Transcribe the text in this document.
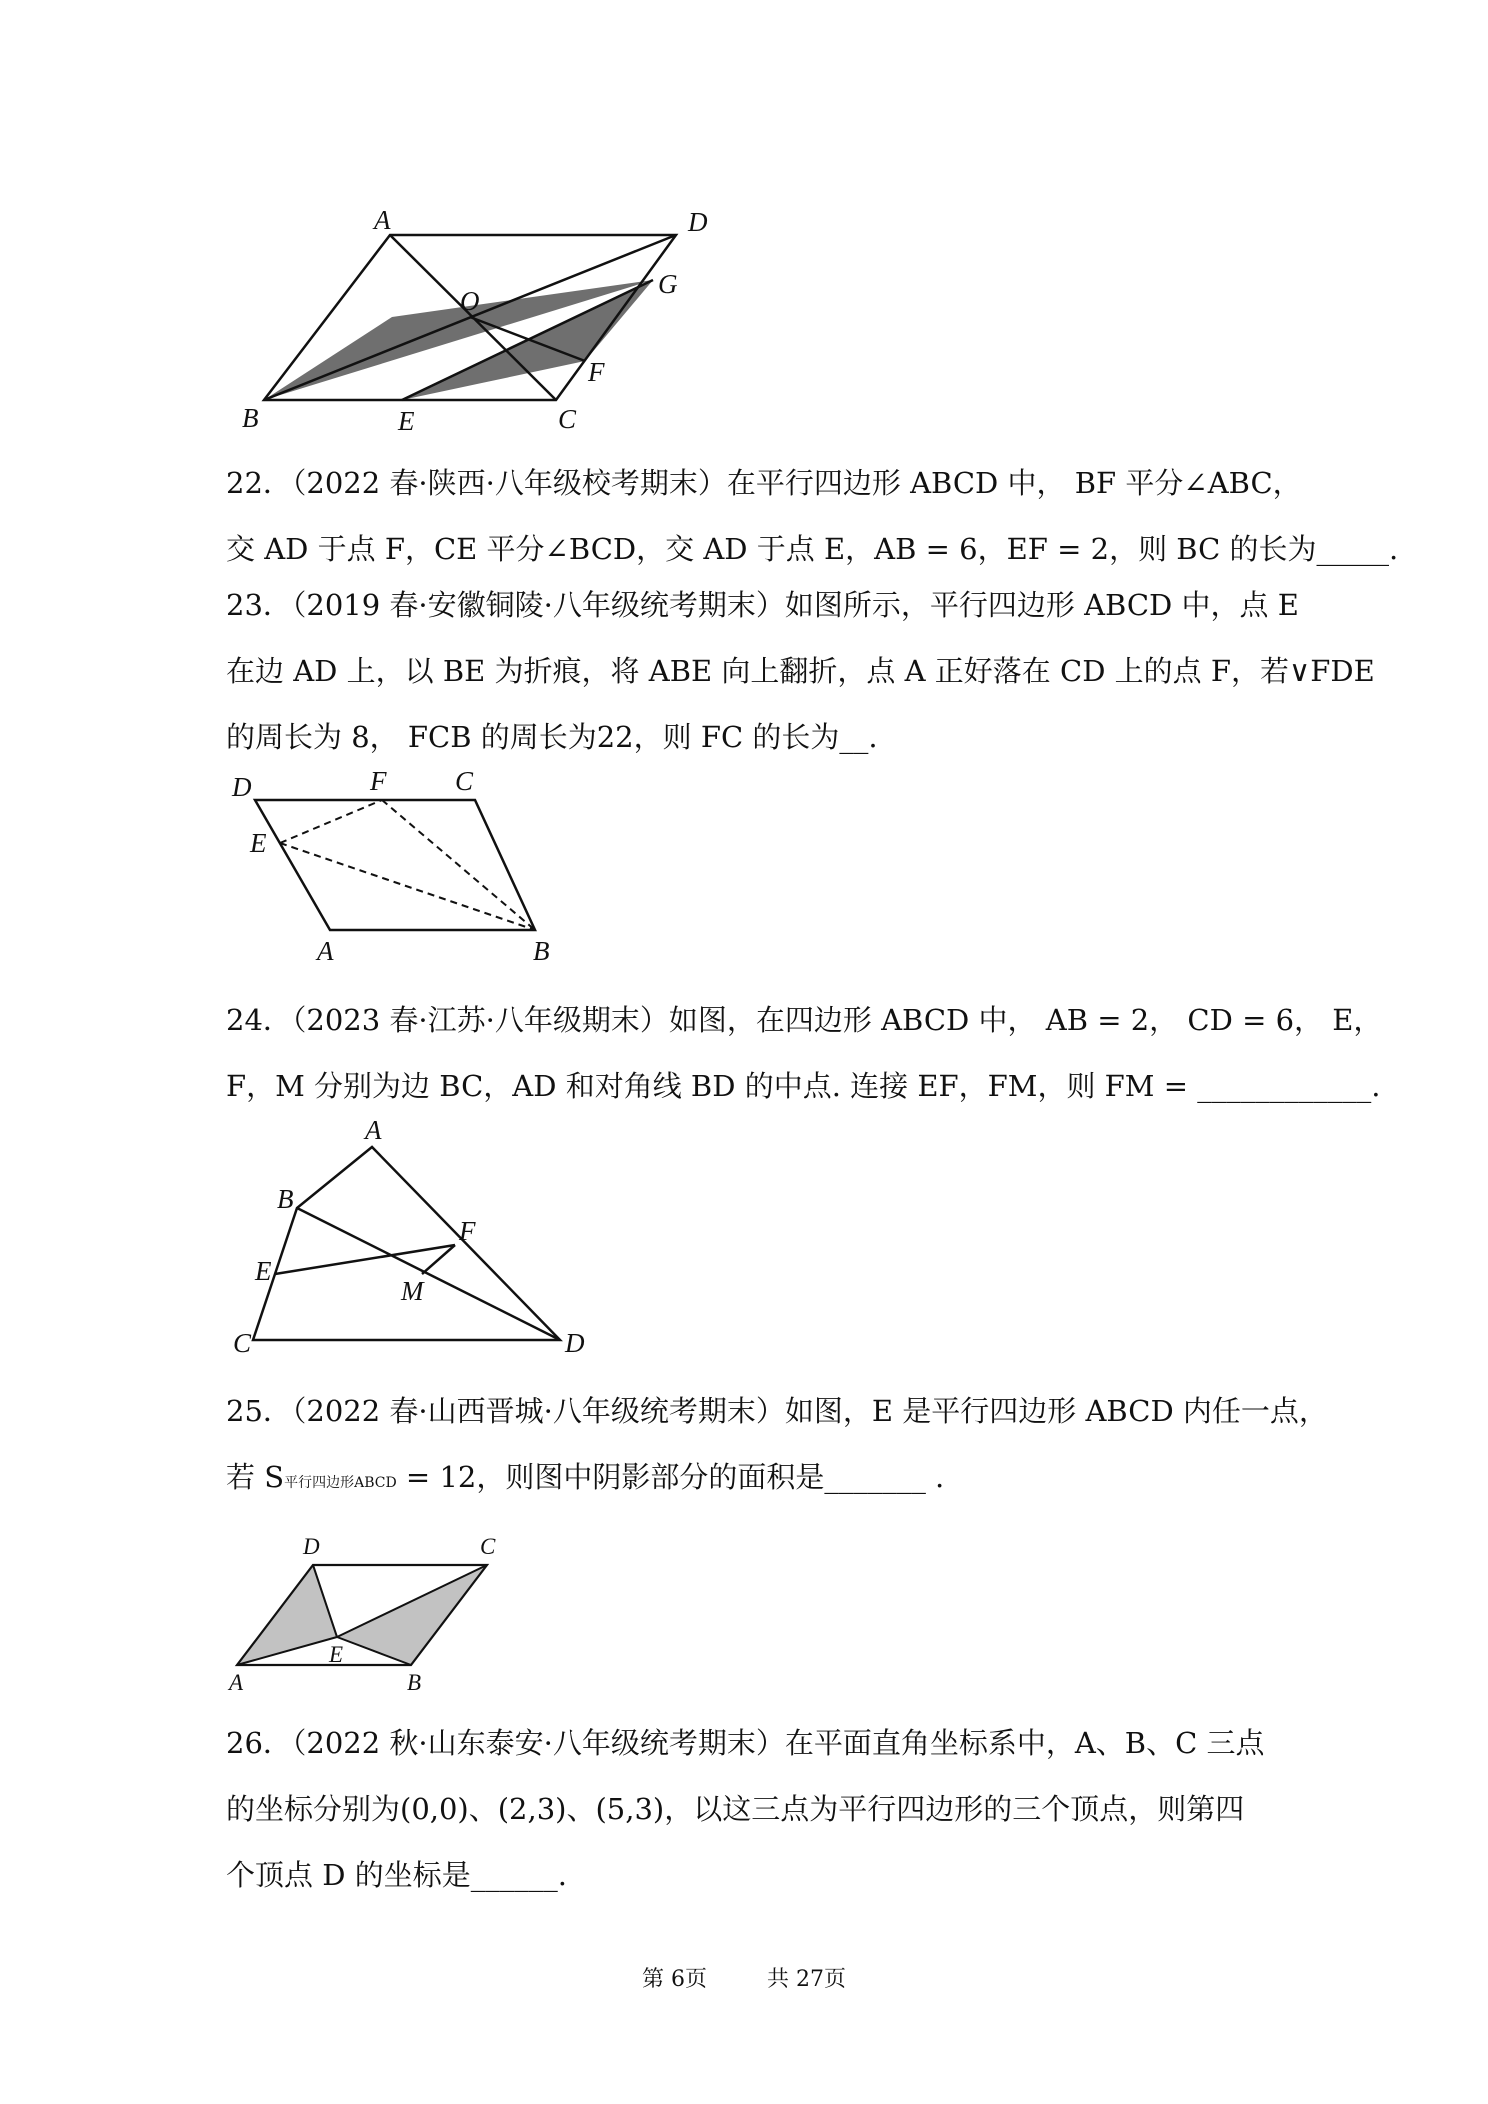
A	D
O
G
F
B	E	C

22．（2022 春·陕西·八年级校考期末）在平行四边形 ABCD 中， BF 平分∠ABC，

交 AD 于点 F，CE 平分∠BCD，交 AD 于点 E，AB = 6，EF = 2，则 BC 的长为_____.

23．（2019 春·安徽铜陵·八年级统考期末）如图所示，平行四边形 ABCD 中，点 E

在边 AD 上，以 BE 为折痕，将 ABE 向上翻折，点 A 正好落在 CD 上的点 F，若∨FDE

的周长为 8， FCB 的周长为22，则 FC 的长为__.

D	F	C
E
A	B

24．（2023 春·江苏·八年级期末）如图，在四边形 ABCD 中， AB = 2， CD = 6， E，

F，M 分别为边 BC，AD 和对角线 BD 的中点. 连接 EF，FM，则 FM = ____________.

A
B
F
E
M
C	D

25．（2022 春·山西晋城·八年级统考期末）如图，E 是平行四边形 ABCD 内任一点，

若 S平行四边形ABCD = 12，则图中阴影部分的面积是_______ .

D	C
E
A	B

26．（2022 秋·山东泰安·八年级统考期末）在平面直角坐标系中，A、B、C 三点

的坐标分别为(0,0)、(2,3)、(5,3)，以这三点为平行四边形的三个顶点，则第四

个顶点 D 的坐标是______.

第 6页	共 27页
